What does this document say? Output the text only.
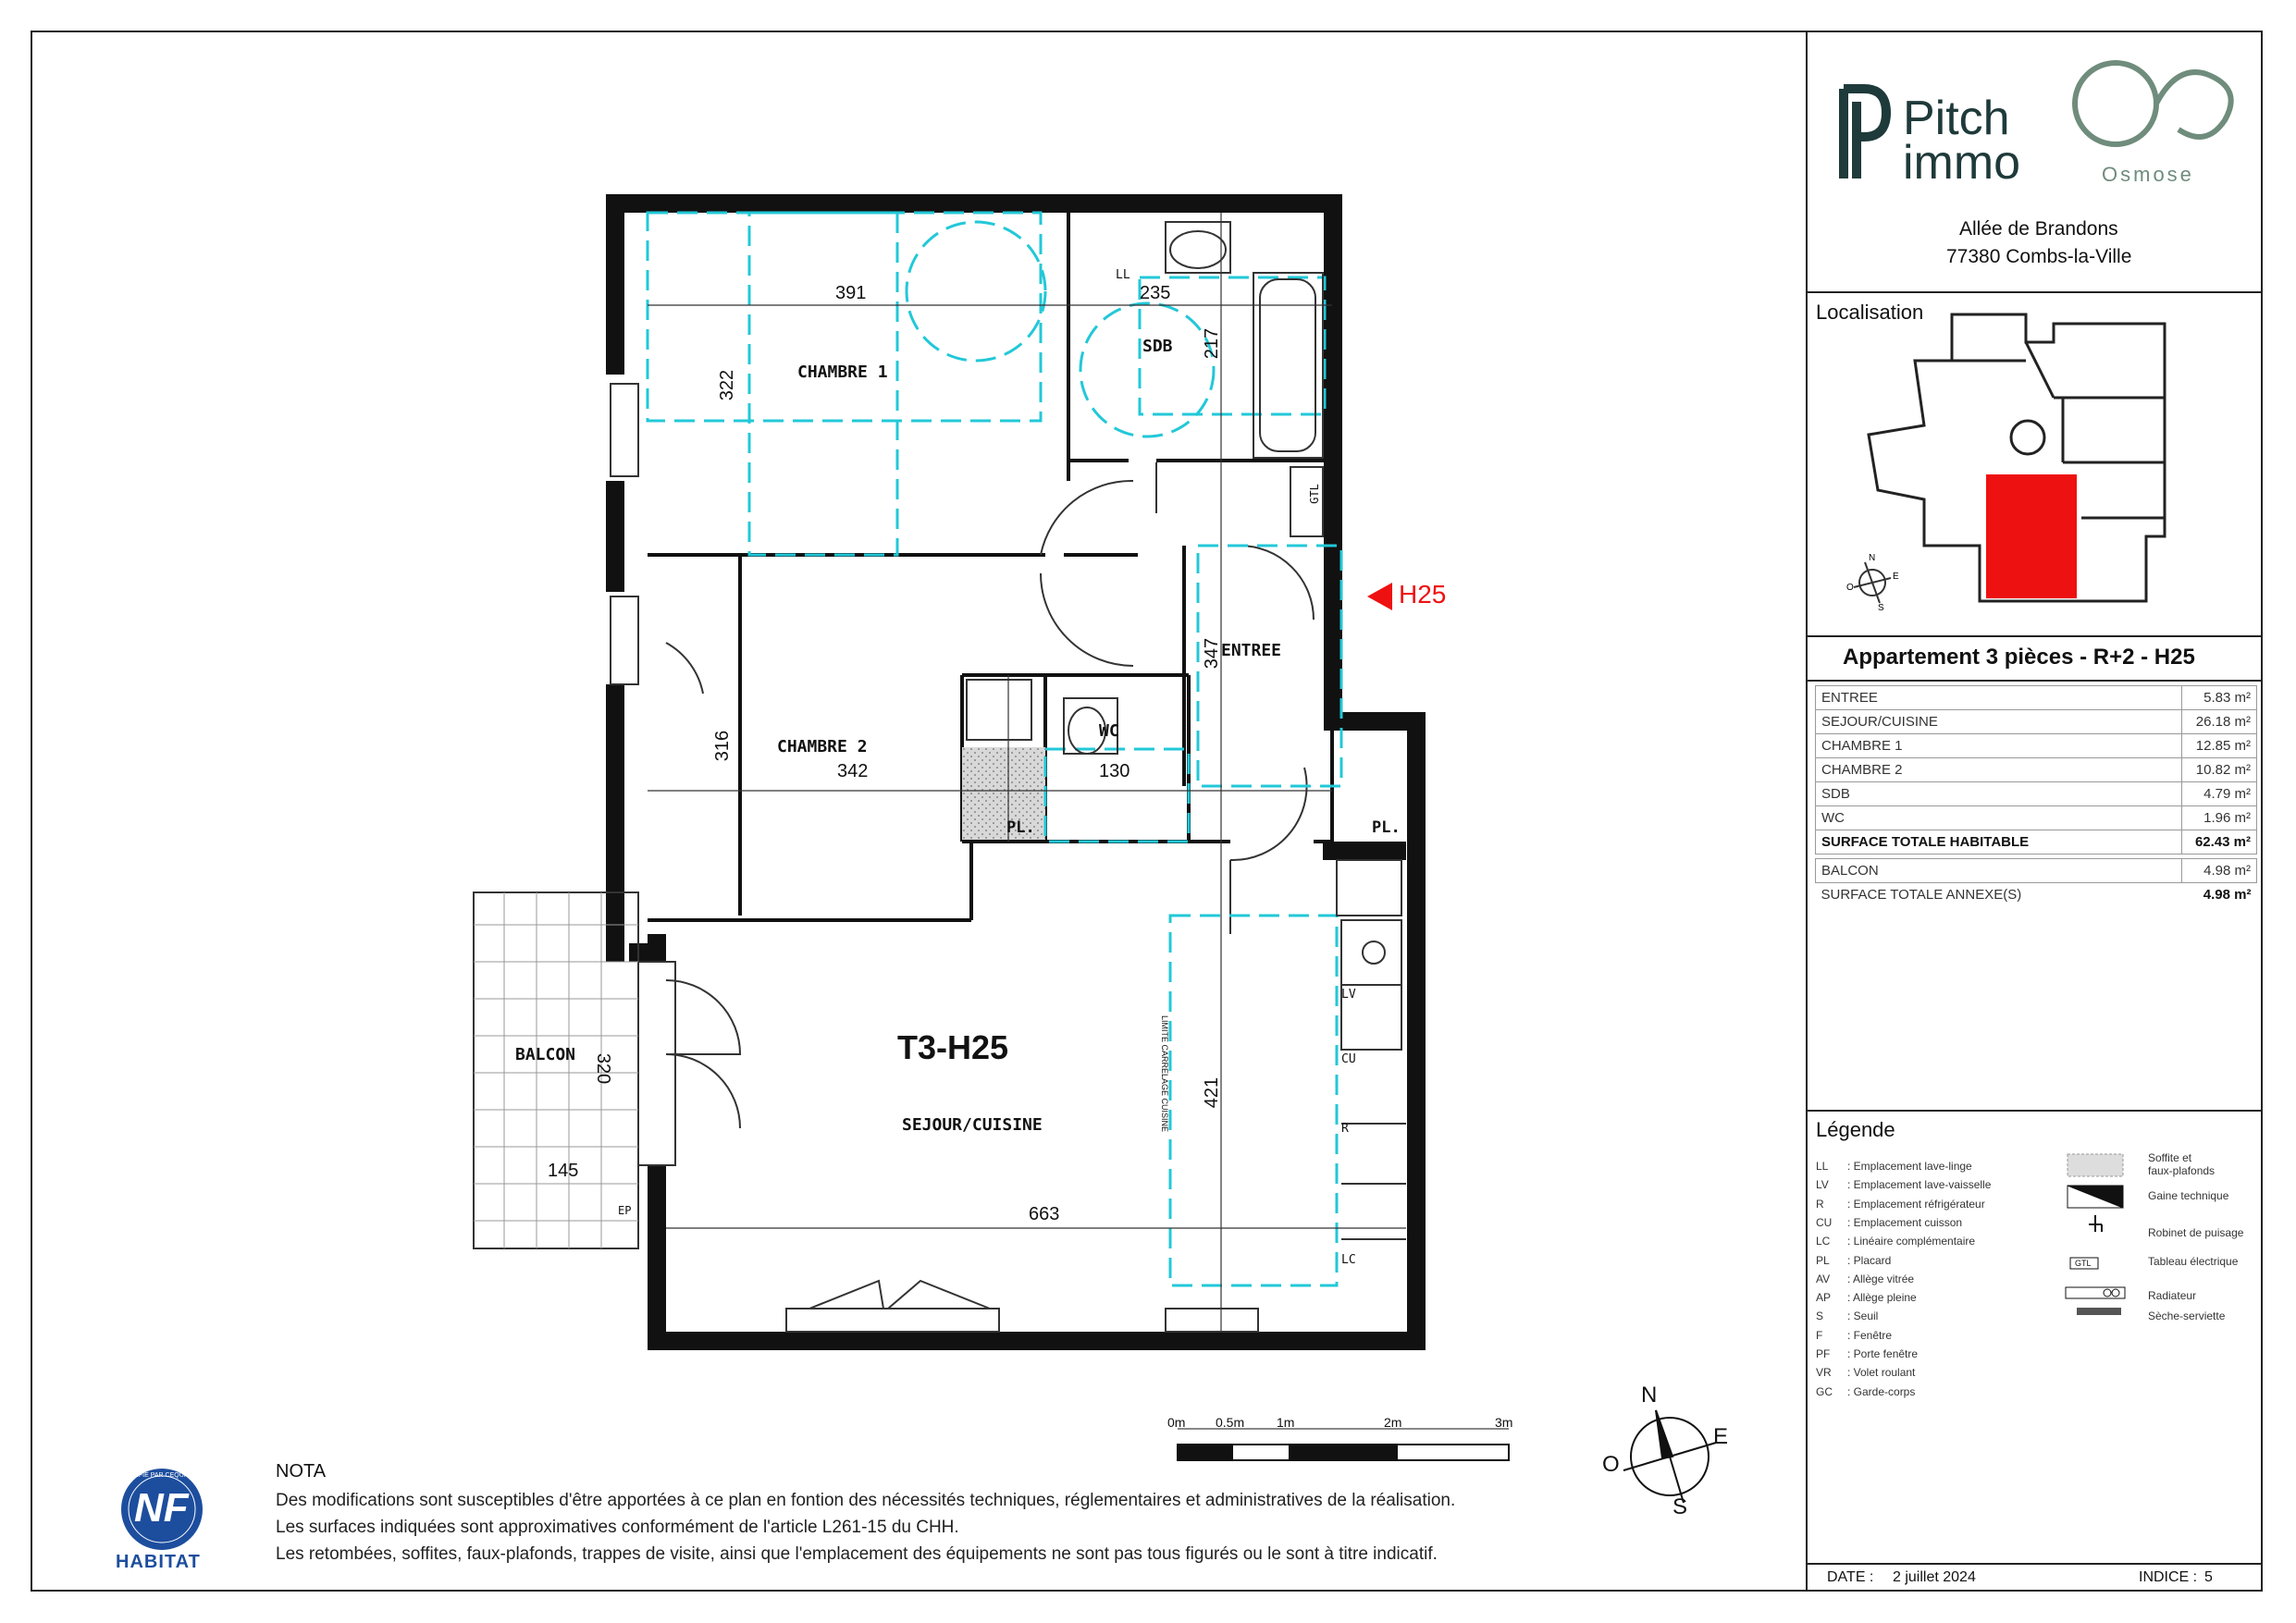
Pitch
immo	Osmose
Allée de Brandons
77380 Combs-la-Ville
Localisation
N
E
S
O
Appartement 3 pièces - R+2 - H25
ENTREE	5.83 m²
SEJOUR/CUISINE	26.18 m²
CHAMBRE 1	12.85 m²
CHAMBRE 2	10.82 m²
SDB	4.79 m²
WC	1.96 m²
SURFACE TOTALE HABITABLE	62.43 m²

BALCON	4.98 m²
SURFACE TOTALE ANNEXE(S)	4.98 m²
Légende
LL : Emplacement lave-linge
LV : Emplacement lave-vaisselle
R : Emplacement réfrigérateur
CU : Emplacement cuisson
LC : Linéaire complémentaire
PL : Placard
AV : Allège vitrée
AP : Allège pleine
S : Seuil
F : Fenêtre
PF : Porte fenêtre
VR : Volet roulant
GC : Garde-corps
GTL
Soffite et
faux-plafonds
Gaine technique
Robinet de puisage
Tableau électrique
Radiateur
Sèche-serviette
DATE : 2 juillet 2024	INDICE : 5
NOTA
Des modifications sont susceptibles d'être apportées à ce plan en fontion des nécessités techniques, réglementaires et administratives de la réalisation.
Les surfaces indiquées sont approximatives conformément de l'article L261-15 du CHH.
Les retombées, soffites, faux-plafonds, trappes de visite, ainsi que l'emplacement des équipements ne sont pas tous figurés ou le sont à titre indicatif.
CERTIFIÉ PAR CEQUAMI
NF
HABITAT
CHAMBRE 1
CHAMBRE 2
SDB
ENTREE
WC
T3-H25
SEJOUR/CUISINE
BALCON
H25
PL.	PL.
LL
GTL
LV
CU
R
LC
EP
LIMITE CARRELAGE CUISINE
391
322
235
217
347
316
342	130
421
320
145
663
0m 0.5m 1m	2m	3m
N
E
S
O
